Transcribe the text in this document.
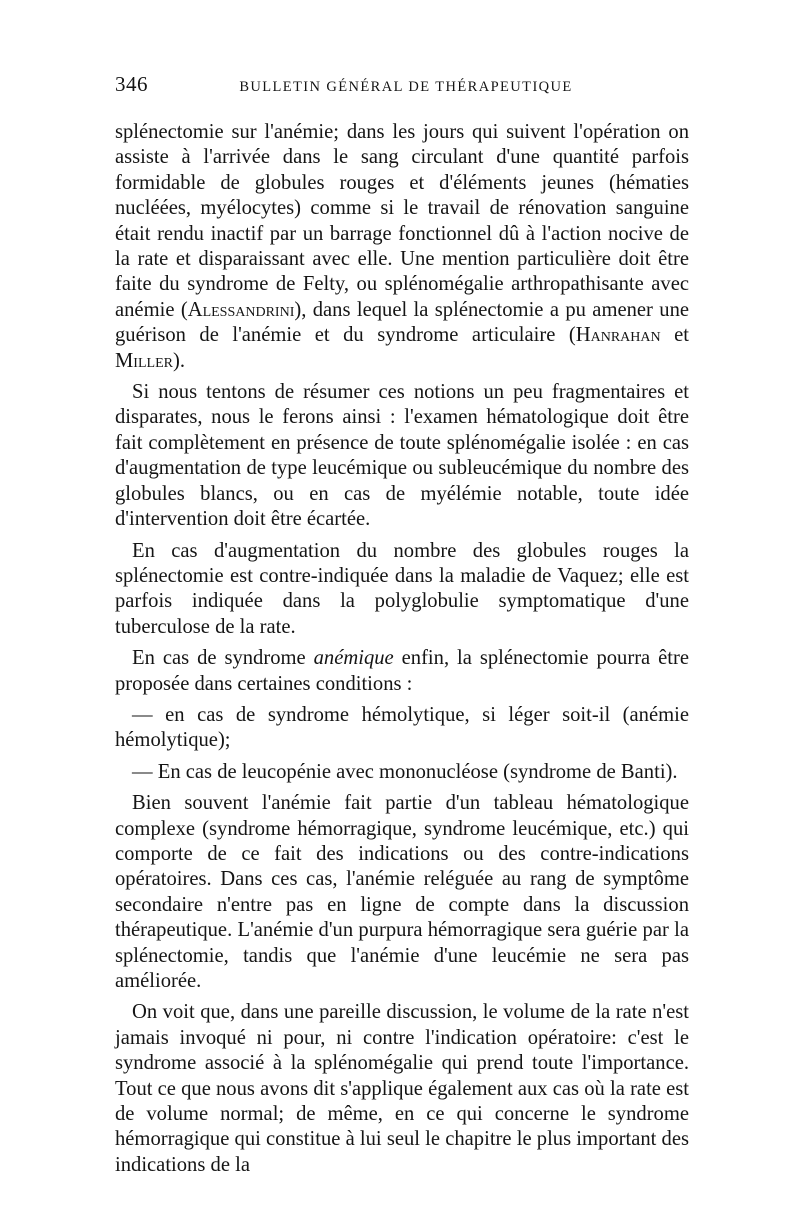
346	BULLETIN GÉNÉRAL DE THÉRAPEUTIQUE

splénectomie sur l'anémie; dans les jours qui suivent l'opération on assiste à l'arrivée dans le sang circulant d'une quantité parfois formidable de globules rouges et d'éléments jeunes (hématies nucléées, myélocytes) comme si le travail de rénovation sanguine était rendu inactif par un barrage fonctionnel dû à l'action nocive de la rate et disparaissant avec elle. Une mention particulière doit être faite du syndrome de Felty, ou splénomégalie arthropathisante avec anémie (Alessandrini), dans lequel la splénectomie a pu amener une guérison de l'anémie et du syndrome articulaire (Hanrahan et Miller).

Si nous tentons de résumer ces notions un peu fragmentaires et disparates, nous le ferons ainsi : l'examen hématologique doit être fait complètement en présence de toute splénomégalie isolée : en cas d'augmentation de type leucémique ou subleucémique du nombre des globules blancs, ou en cas de myélémie notable, toute idée d'intervention doit être écartée.

En cas d'augmentation du nombre des globules rouges la splénectomie est contre-indiquée dans la maladie de Vaquez; elle est parfois indiquée dans la polyglobulie symptomatique d'une tuberculose de la rate.

En cas de syndrome anémique enfin, la splénectomie pourra être proposée dans certaines conditions :

— en cas de syndrome hémolytique, si léger soit-il (anémie hémolytique);

— En cas de leucopénie avec mononucléose (syndrome de Banti).

Bien souvent l'anémie fait partie d'un tableau hématologique complexe (syndrome hémorragique, syndrome leucémique, etc.) qui comporte de ce fait des indications ou des contre-indications opératoires. Dans ces cas, l'anémie reléguée au rang de symptôme secondaire n'entre pas en ligne de compte dans la discussion thérapeutique. L'anémie d'un purpura hémorragique sera guérie par la splénectomie, tandis que l'anémie d'une leucémie ne sera pas améliorée.

On voit que, dans une pareille discussion, le volume de la rate n'est jamais invoqué ni pour, ni contre l'indication opératoire: c'est le syndrome associé à la splénomégalie qui prend toute l'importance. Tout ce que nous avons dit s'applique également aux cas où la rate est de volume normal; de même, en ce qui concerne le syndrome hémorragique qui constitue à lui seul le chapitre le plus important des indications de la
